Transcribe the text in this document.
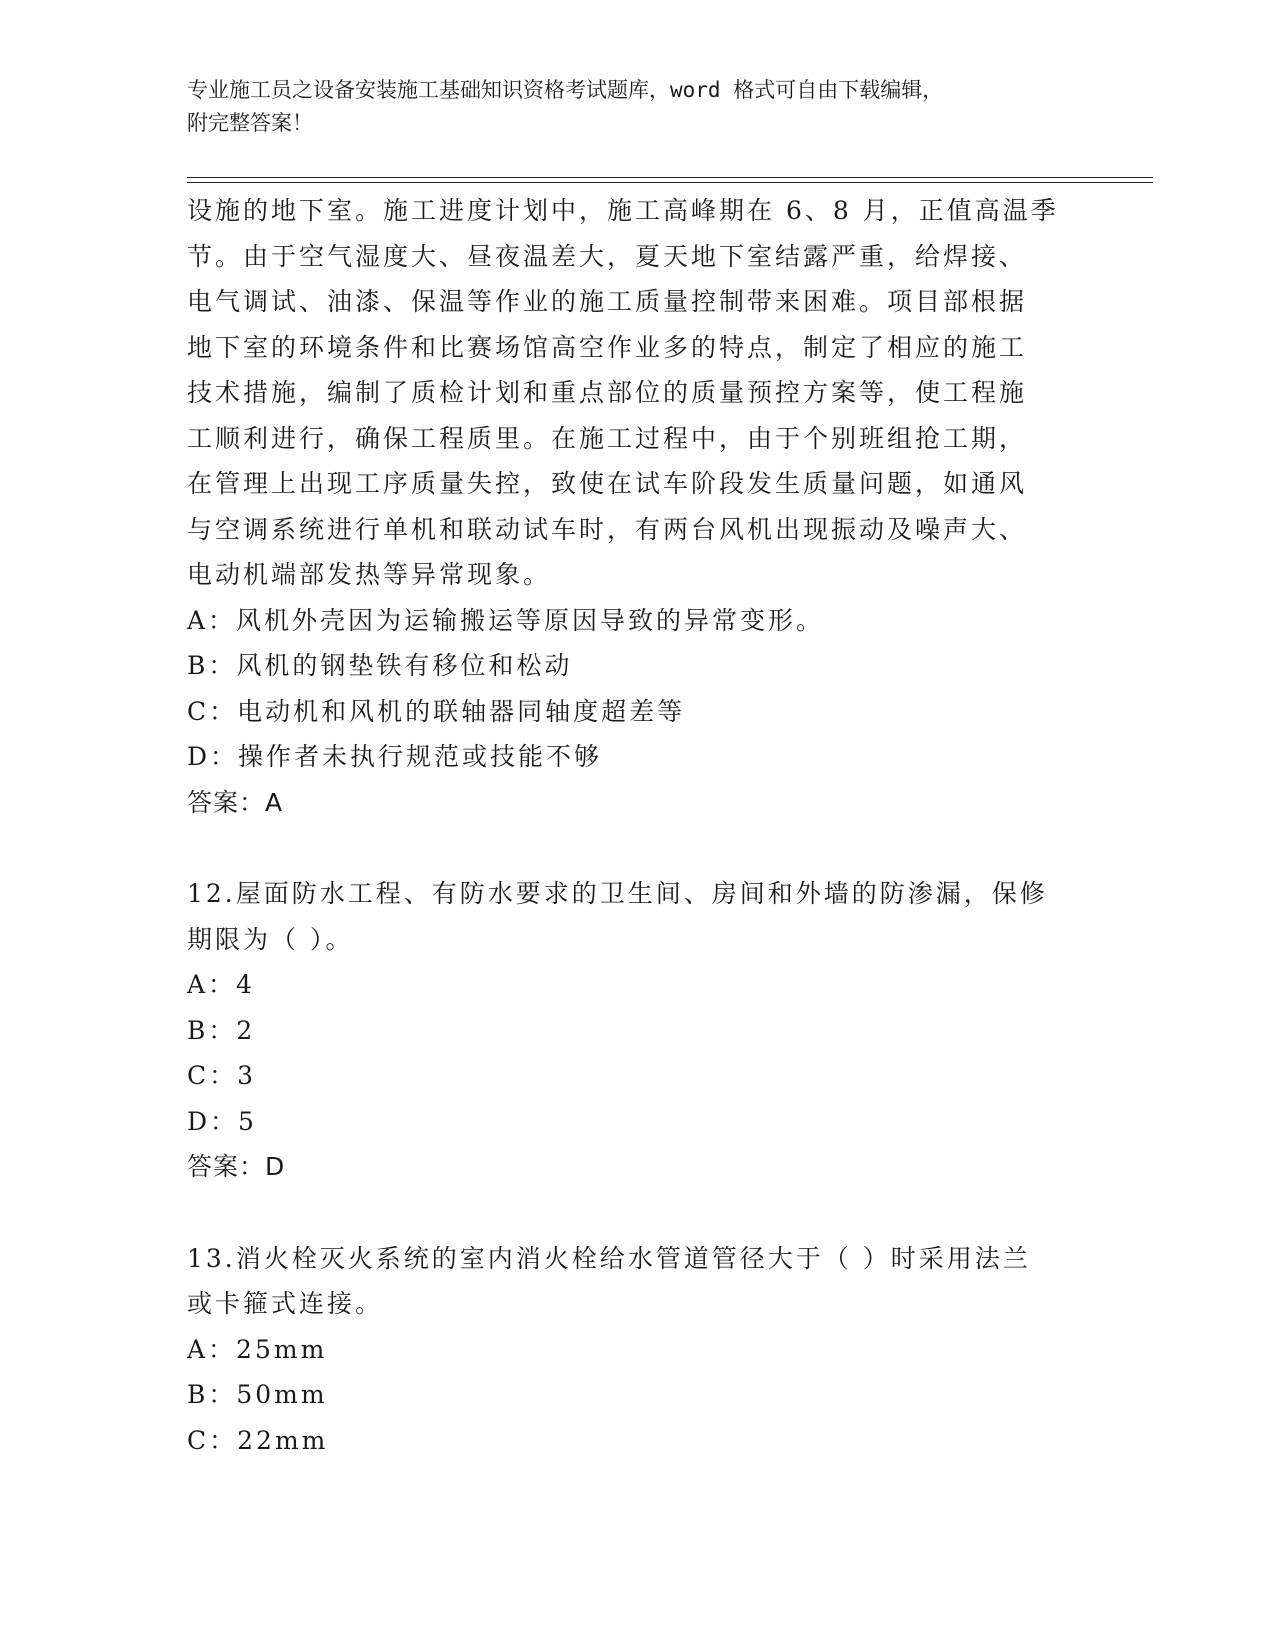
专业施工员之设备安装施工基础知识资格考试题库，word 格式可自由下载编辑，
附完整答案！

设施的地下室。施工进度计划中，施工高峰期在 6、8 月，正值高温季

节。由于空气湿度大、昼夜温差大，夏天地下室结露严重，给焊接、

电气调试、油漆、保温等作业的施工质量控制带来困难。项目部根据

地下室的环境条件和比赛场馆高空作业多的特点，制定了相应的施工

技术措施，编制了质检计划和重点部位的质量预控方案等，使工程施

工顺利进行，确保工程质里。在施工过程中，由于个别班组抢工期，

在管理上出现工序质量失控，致使在试车阶段发生质量问题，如通风

与空调系统进行单机和联动试车时，有两台风机出现振动及噪声大、

电动机端部发热等异常现象。

A：风机外壳因为运输搬运等原因导致的异常变形。

B：风机的钢垫铁有移位和松动

C：电动机和风机的联轴器同轴度超差等

D：操作者未执行规范或技能不够

答案：A

12.屋面防水工程、有防水要求的卫生间、房间和外墙的防渗漏，保修

期限为（ ）。

A：4

B：2

C：3

D：5

答案：D

13.消火栓灭火系统的室内消火栓给水管道管径大于（ ）时采用法兰

或卡箍式连接。

A：25mm

B：50mm

C：22mm
